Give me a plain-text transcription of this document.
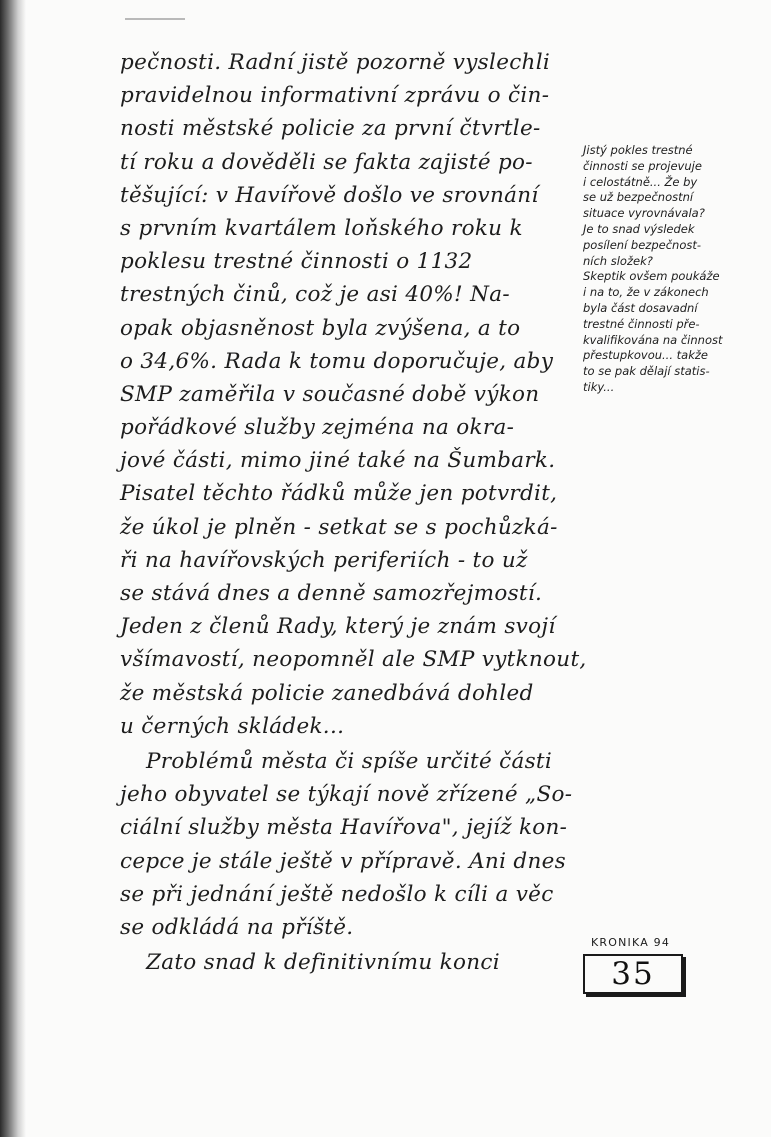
pečnosti. Radní jistě pozorně vyslechli
pravidelnou informativní zprávu o čin-
nosti městské policie za první čtvrtle-
tí roku a dověděli se fakta zajisté po-
těšující: v Havířově došlo ve srovnání
s prvním kvartálem loňského roku k
poklesu trestné činnosti o 1132
trestných činů, což je asi 40%! Na-
opak objasněnost byla zvýšena, a to
o 34,6%. Rada k tomu doporučuje, aby
SMP zaměřila v současné době výkon
pořádkové služby zejména na okra-
jové části, mimo jiné také na Šumbark.
Pisatel těchto řádků může jen potvrdit,
že úkol je plněn - setkat se s pochůzká-
ři na havířovských periferiích - to už
se stává dnes a denně samozřejmostí.
Jeden z členů Rady, který je znám svojí
všímavostí, neopomněl ale SMP vytknout,
že městská policie zanedbává dohled
u černých skládek...
Problémů města či spíše určité části
jeho obyvatel se týkají nově zřízené „So-
ciální služby města Havířova", jejíž kon-
cepce je stále ještě v přípravě. Ani dnes
se při jednání ještě nedošlo k cíli a věc
se odkládá na příště.
Zato snad k definitivnímu konci
Jistý pokles trestné
činnosti se projevuje
i celostátně... Že by
se už bezpečnostní
situace vyrovnávala?
Je to snad výsledek
posílení bezpečnost-
ních složek?
Skeptik ovšem poukáže
i na to, že v zákonech
byla část dosavadní
trestné činnosti pře-
kvalifikována na činnost
přestupkovou... takže
to se pak dělají statis-
tiky...
KRONIKA 94
35
